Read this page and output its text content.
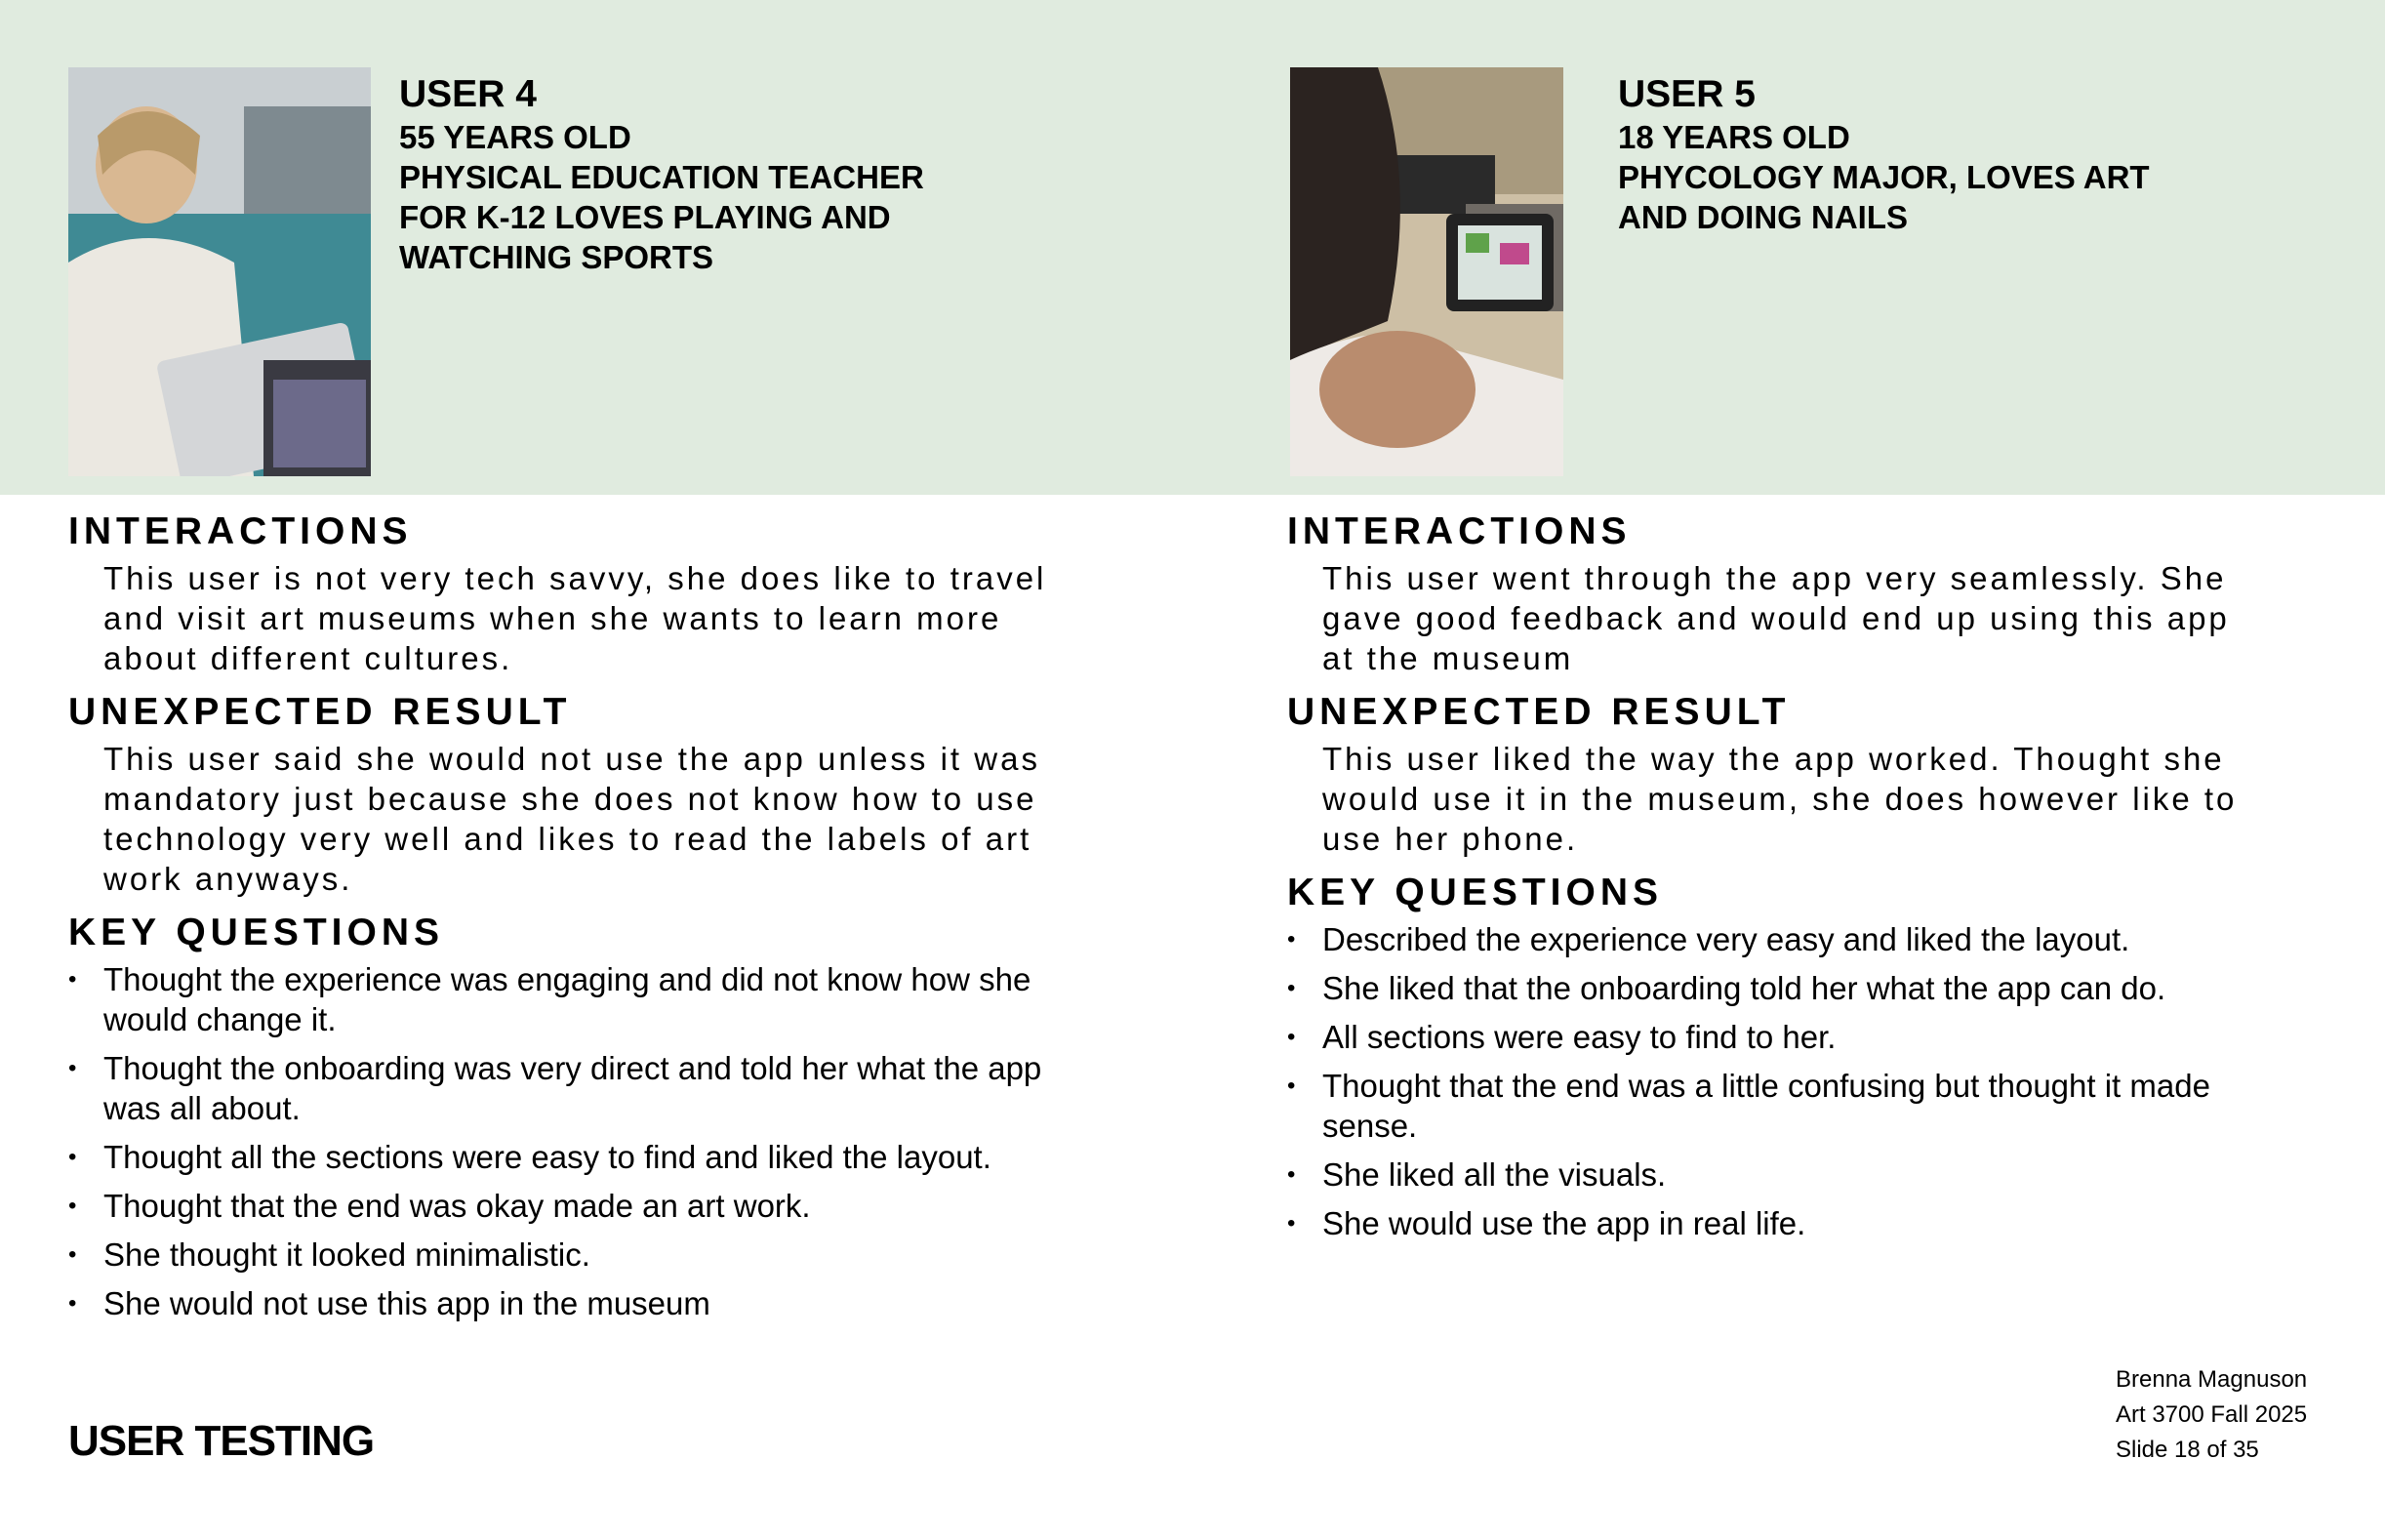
USER 4

55 YEARS OLD
PHYSICAL EDUCATION TEACHER
FOR K-12 LOVES PLAYING AND
WATCHING SPORTS

USER 5

18 YEARS OLD
PHYCOLOGY MAJOR, LOVES ART
AND DOING NAILS

INTERACTIONS

This user is not very tech savvy, she does like to travel
and visit art museums when she wants to learn more
about different cultures.

UNEXPECTED RESULT

This user said she would not use the app unless it was
mandatory just because she does not know how to use
technology very well and likes to read the labels of art
work anyways.

KEY QUESTIONS

• Thought the experience was engaging and did not know how she
would change it.
• Thought the onboarding was very direct and told her what the app
was all about.
• Thought all the sections were easy to find and liked the layout.
• Thought that the end was okay made an art work.
• She thought it looked minimalistic.
• She would not use this app in the museum

INTERACTIONS

This user went through the app very seamlessly. She
gave good feedback and would end up using this app
at the museum

UNEXPECTED RESULT

This user liked the way the app worked. Thought she
would use it in the museum, she does however like to
use her phone.

KEY QUESTIONS

• Described the experience very easy and liked the layout.
• She liked that the onboarding told her what the app can do.
• All sections were easy to find to her.
• Thought that the end was a little confusing but thought it made
sense.
• She liked all the visuals.
• She would use the app in real life.

USER TESTING

Brenna Magnuson
Art 3700 Fall 2025
Slide 18 of 35
